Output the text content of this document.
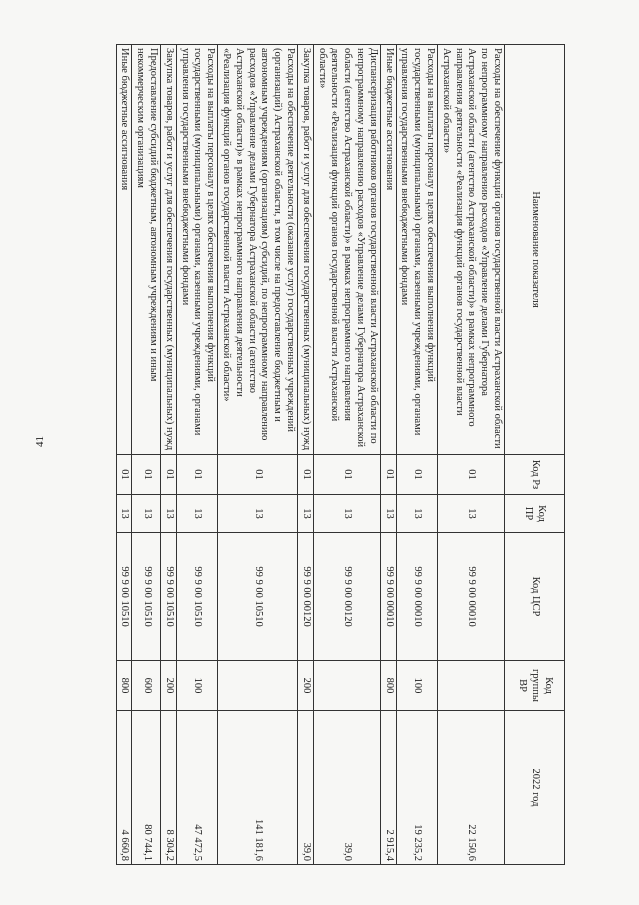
41
Наименование показателя	Код Рз	Код ПР	Код ЦСР	Код группы ВР	2022 год
Расходы на обеспечение функций органов государственной власти Астраханской области по непрограммному направлению расходов «Управление делами Губернатора Астраханской области (агентство Астраханской области)» в рамках непрограммного направления деятельности «Реализация функций органов государственной власти Астраханской области»	01	13	99 9 00 00010		22 150,6
Расходы на выплаты персоналу в целях обеспечения выполнения функций государственными (муниципальными) органами, казенными учреждениями, органами управления государственными внебюджетными фондами	01	13	99 9 00 00010	100	19 235,2
Иные бюджетные ассигнования	01	13	99 9 00 00010	800	2 915,4
Диспансеризация работников органов государственной власти Астраханской области по непрограммному направлению расходов «Управление делами Губернатора Астраханской области (агентство Астраханской области)» в рамках непрограммного направления деятельности «Реализация функций органов государственной власти Астраханской области»	01	13	99 9 00 00120		39,0
Закупка товаров, работ и услуг для обеспечения государственных (муниципальных) нужд	01	13	99 9 00 00120	200	39,0
Расходы на обеспечение деятельности (оказание услуг) государственных учреждений (организаций) Астраханской области, в том числе на предоставление бюджетным и автономным учреждениям (организациям) субсидий, по непрограммному направлению расходов «Управление делами Губернатора Астраханской области (агентство Астраханской области)» в рамках непрограммного направления деятельности «Реализация функций органов государственной власти Астраханской области»	01	13	99 9 00 10510		141 181,6
Расходы на выплаты персоналу в целях обеспечения выполнения функций государственными (муниципальными) органами, казенными учреждениями, органами управления государственными внебюджетными фондами	01	13	99 9 00 10510	100	47 472,5
Закупка товаров, работ и услуг для обеспечения государственных (муниципальных) нужд	01	13	99 9 00 10510	200	8 304,2
Предоставление субсидий бюджетным, автономным учреждениям и иным некоммерческим организациям	01	13	99 9 00 10510	600	80 744,1
Иные бюджетные ассигнования	01	13	99 9 00 10510	800	4 660,8
